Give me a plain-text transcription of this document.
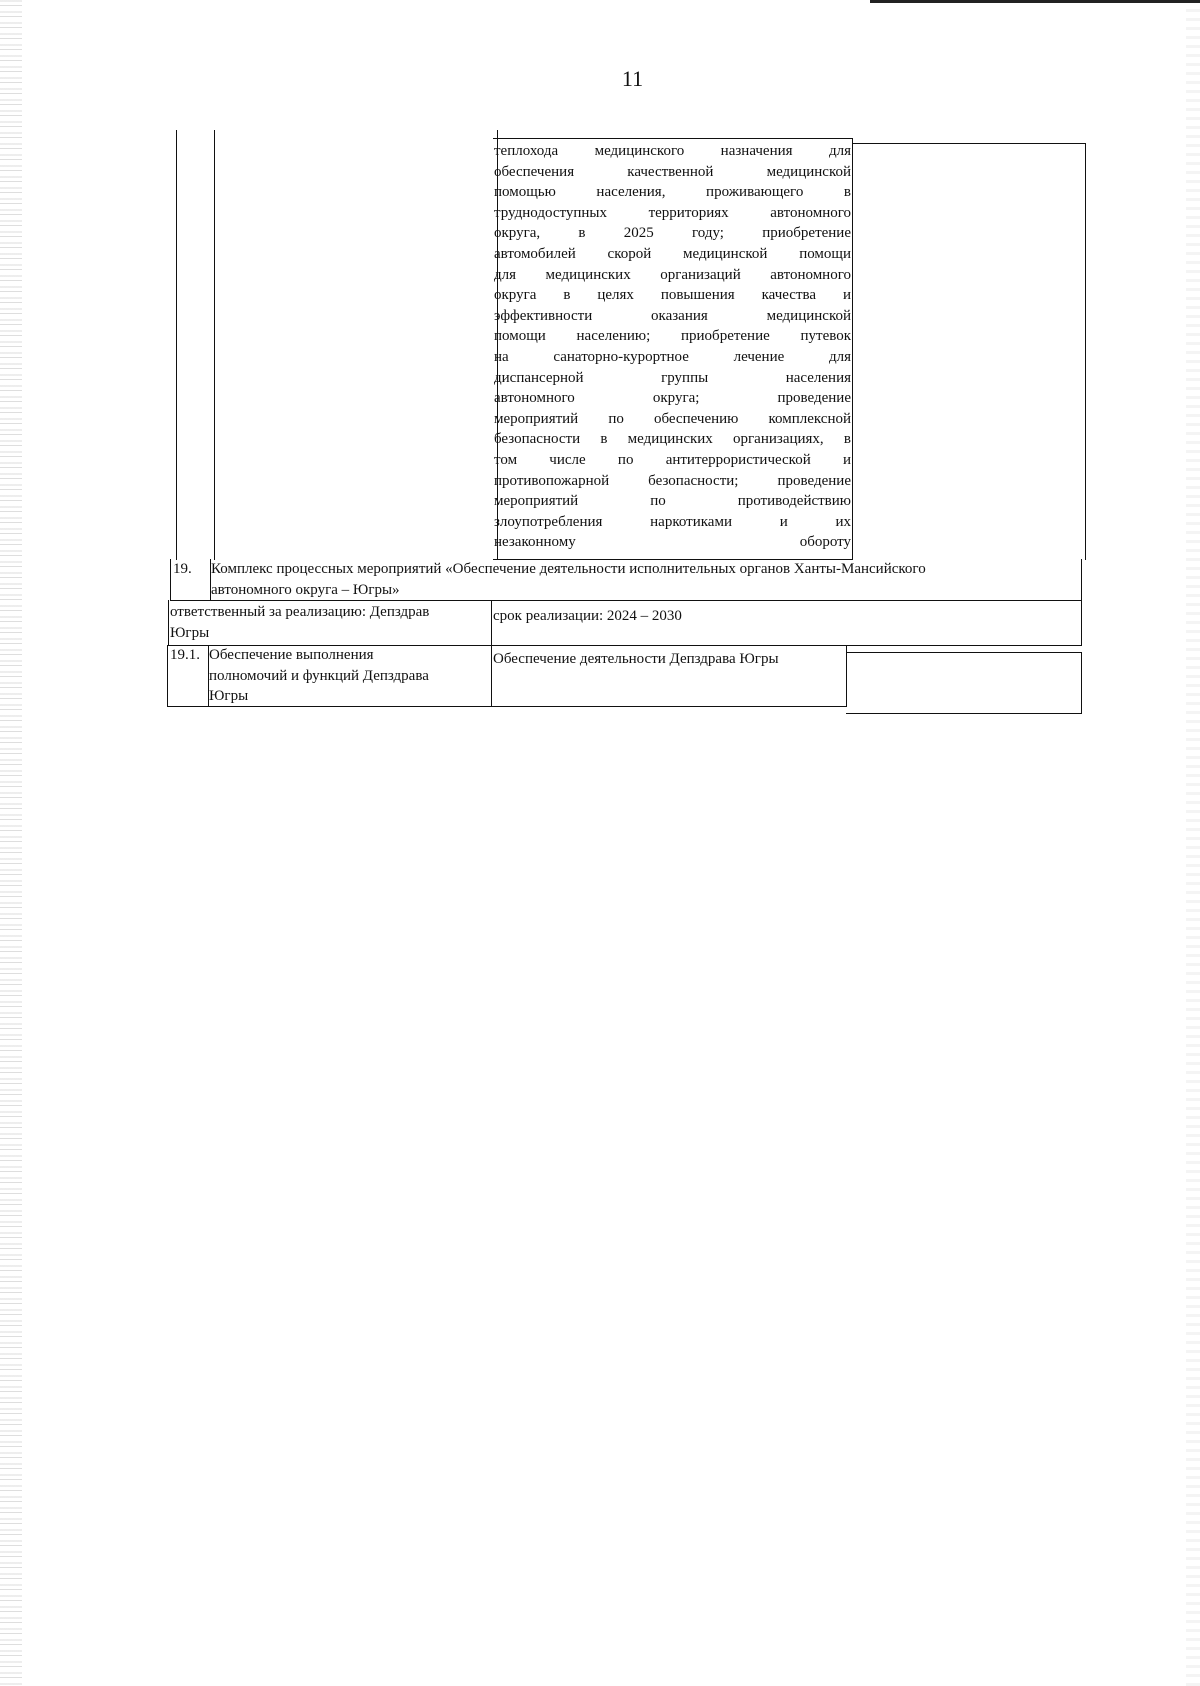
11
теплохода медицинского назначения для
обеспечения качественной медицинской
помощью населения, проживающего в
труднодоступных территориях автономного
округа, в 2025 году; приобретение
автомобилей скорой медицинской помощи
для медицинских организаций автономного
округа в целях повышения качества и
эффективности оказания медицинской
помощи населению; приобретение путевок
на санаторно-курортное лечение для
диспансерной группы населения
автономного округа; проведение
мероприятий по обеспечению комплексной
безопасности в медицинских организациях, в
том числе по антитеррористической и
противопожарной безопасности; проведение
мероприятий по противодействию
злоупотребления наркотиками и их
незаконному обороту
19.	Комплекс процессных мероприятий «Обеспечение деятельности исполнительных органов Ханты-Мансийского
автономного округа – Югры»
ответственный за реализацию: Депздрав
Югры
срок реализации: 2024 – 2030
19.1. Обеспечение выполнения
полномочий и функций Депздрава
Югры
Обеспечение деятельности Депздрава Югры
